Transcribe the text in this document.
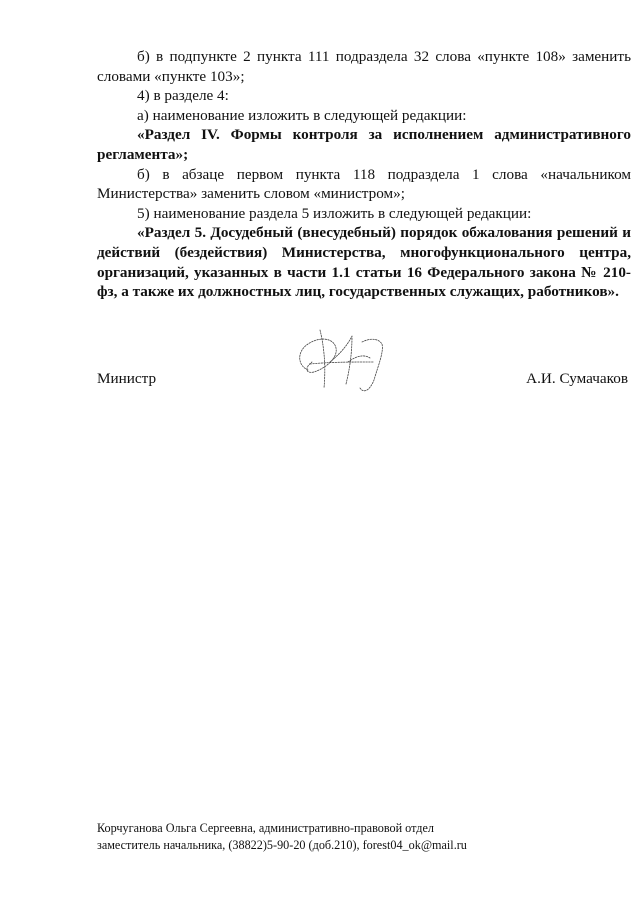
б) в подпункте 2 пункта 111 подраздела 32 слова «пункте 108» заменить словами «пункте 103»;

4) в разделе 4:

а) наименование изложить в следующей редакции:

«Раздел IV. Формы контроля за исполнением административного регламента»;

б) в абзаце первом пункта 118 подраздела 1 слова «начальником Министерства» заменить словом «министром»;

5) наименование раздела 5 изложить в следующей редакции:

«Раздел 5. Досудебный (внесудебный) порядок обжалования решений и действий (бездействия) Министерства, многофункционального центра, организаций, указанных в части 1.1 статьи 16 Федерального закона № 210-фз, а также их должностных лиц, государственных служащих, работников».

Министр	А.И. Сумачаков
Корчуганова Ольга Сергеевна, административно-правовой отдел
заместитель начальника, (38822)5-90-20 (доб.210), forest04_ok@mail.ru
